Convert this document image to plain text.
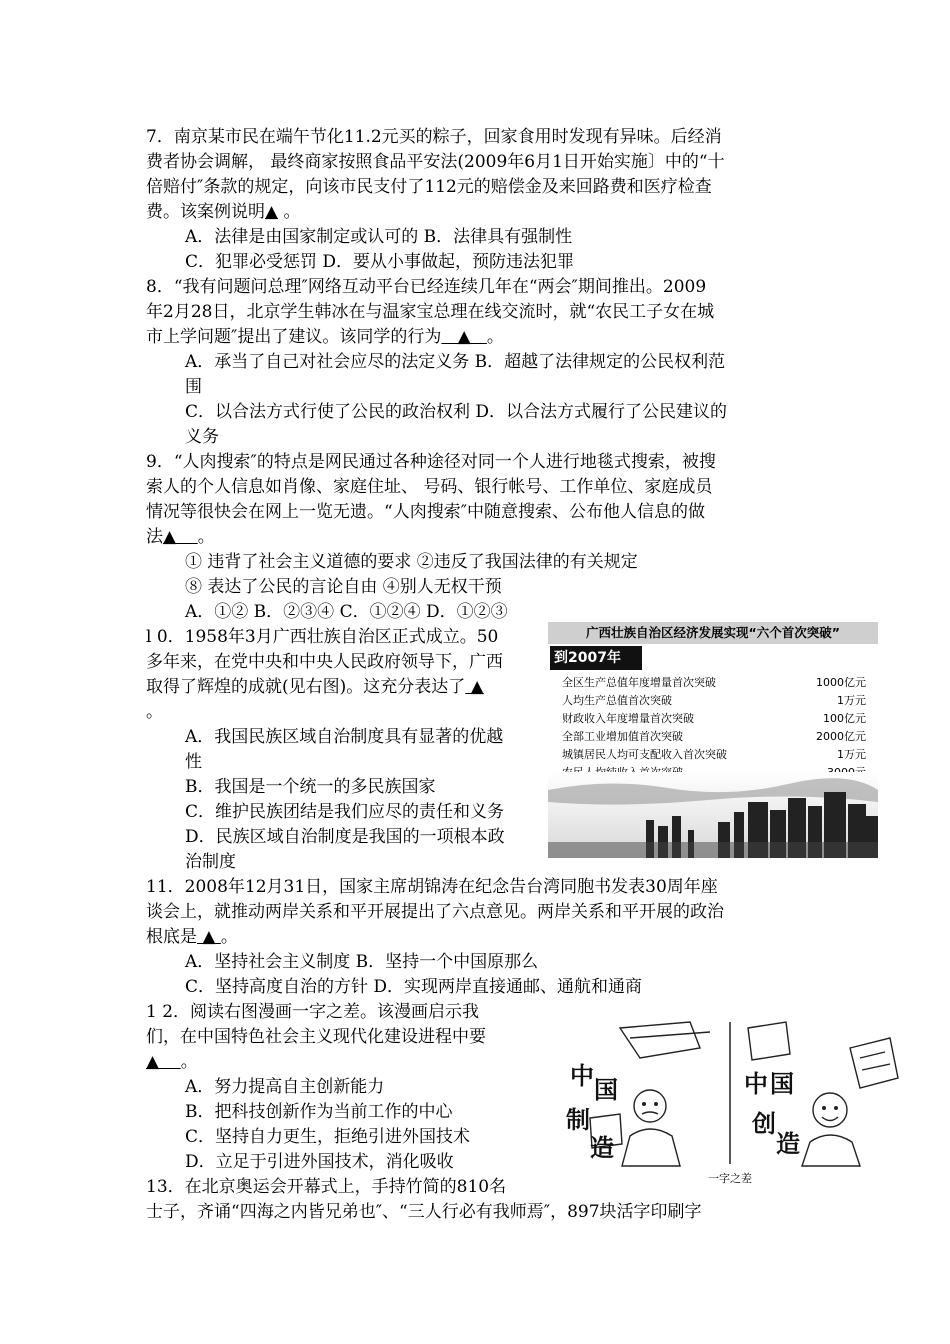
7．南京某市民在端午节化11.2元买的粽子，回家食用时发现有异味。后经消
费者协会调解， 最终商家按照食品平安法(2009年6月1日开始实施〕中的“十
倍赔付″条款的规定，向该市民支付了112元的赔偿金及来回路费和医疗检查
费。该案例说明▲ 。
A．法律是由国家制定或认可的 B．法律具有强制性
C．犯罪必受惩罚 D．要从小事做起，预防违法犯罪
8．“我有问题问总理″网络互动平台已经连续几年在“两会″期间推出。2009
年2月28日，北京学生韩冰在与温家宝总理在线交流时，就“农民工子女在城
市上学问题″提出了建议。该同学的行为   ▲   。
A．承当了自己对社会应尽的法定义务 B．超越了法律规定的公民权利范
围
C．以合法方式行使了公民的政治权利 D．以合法方式履行了公民建议的
义务
9．“人肉搜索″的特点是网民通过各种途径对同一个人进行地毯式搜索，被搜
索人的个人信息如肖像、家庭住址、 号码、银行帐号、工作单位、家庭成员
情况等很快会在网上一览无遗。“人肉搜索″中随意搜索、公布他人信息的做
法▲    。
① 违背了社会主义道德的要求 ②违反了我国法律的有关规定
⑧ 表达了公民的言论自由 ④别人无权干预
A．①② B．②③④ C．①②④ D．①②③
l 0．1958年3月广西壮族自治区正式成立。50
多年来，在党中央和中央人民政府领导下，广西
取得了辉煌的成就(见右图)。这充分表达了 ▲
。
A．我国民族区域自治制度具有显著的优越
性
B．我国是一个统一的多民族国家
C．维护民族团结是我们应尽的责任和义务
D．民族区域自治制度是我国的一项根本政
治制度
广西壮族自治区经济发展实现“六个首次突破”
到2007年
全区生产总值年度增量首次突破	1000亿元
人均生产总值首次突破	1万元
财政收入年度增量首次突破	100亿元
全部工业增加值首次突破	2000亿元
城镇居民人均可支配收入首次突破	1万元
11．2008年12月31日，国家主席胡锦涛在纪念告台湾同胞书发表30周年座
谈会上，就推动两岸关系和平开展提出了六点意见。两岸关系和平开展的政治
根底是 ▲ 。
A．坚持社会主义制度 B．坚持一个中国原那么
C．坚持高度自治的方针 D．实现两岸直接通邮、通航和通商
1 2．阅读右图漫画一字之差。该漫画启示我
们，在中国特色社会主义现代化建设进程中要
▲    。
A．努力提高自主创新能力
B．把科技创新作为当前工作的中心
C．坚持自力更生，拒绝引进外国技术
D．立足于引进外国技术，消化吸收
中 国
制
造
中 国
创
造
一字之差
13．在北京奥运会开幕式上，手持竹简的810名
士子，齐诵“四海之内皆兄弟也″、“三人行必有我师焉″，897块活字印刷字
